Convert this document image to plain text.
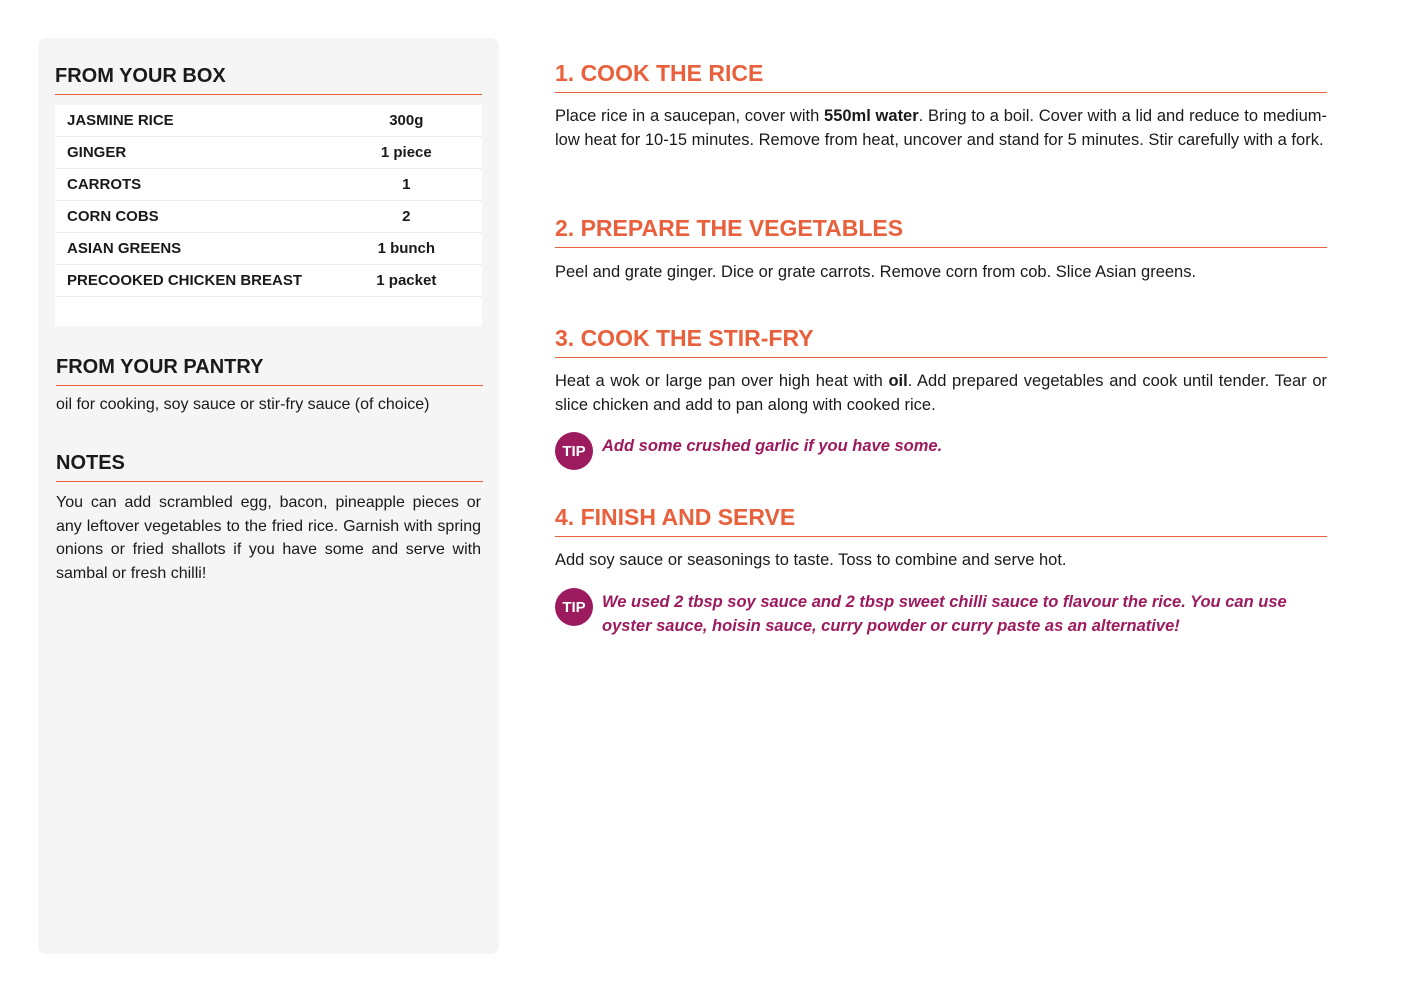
FROM YOUR BOX
JASMINE RICE	300g
GINGER	1 piece
CARROTS	1
CORN COBS	2
ASIAN GREENS	1 bunch
PRECOOKED CHICKEN BREAST	1 packet
FROM YOUR PANTRY
oil for cooking, soy sauce or stir-fry sauce (of choice)
NOTES
You can add scrambled egg, bacon, pineapple pieces or any leftover vegetables to the fried rice. Garnish with spring onions or fried shallots if you have some and serve with sambal or fresh chilli!
1. COOK THE RICE

Place rice in a saucepan, cover with 550ml water. Bring to a boil. Cover with a lid and reduce to medium-low heat for 10-15 minutes. Remove from heat, uncover and stand for 5 minutes. Stir carefully with a fork.

2. PREPARE THE VEGETABLES

Peel and grate ginger. Dice or grate carrots. Remove corn from cob. Slice Asian greens.

3. COOK THE STIR-FRY

Heat a wok or large pan over high heat with oil. Add prepared vegetables and cook until tender. Tear or slice chicken and add to pan along with cooked rice.

TIP Add some crushed garlic if you have some.
4. FINISH AND SERVE

Add soy sauce or seasonings to taste. Toss to combine and serve hot.

TIP We used 2 tbsp soy sauce and 2 tbsp sweet chilli sauce to flavour the rice. You can use oyster sauce, hoisin sauce, curry powder or curry paste as an alternative!
